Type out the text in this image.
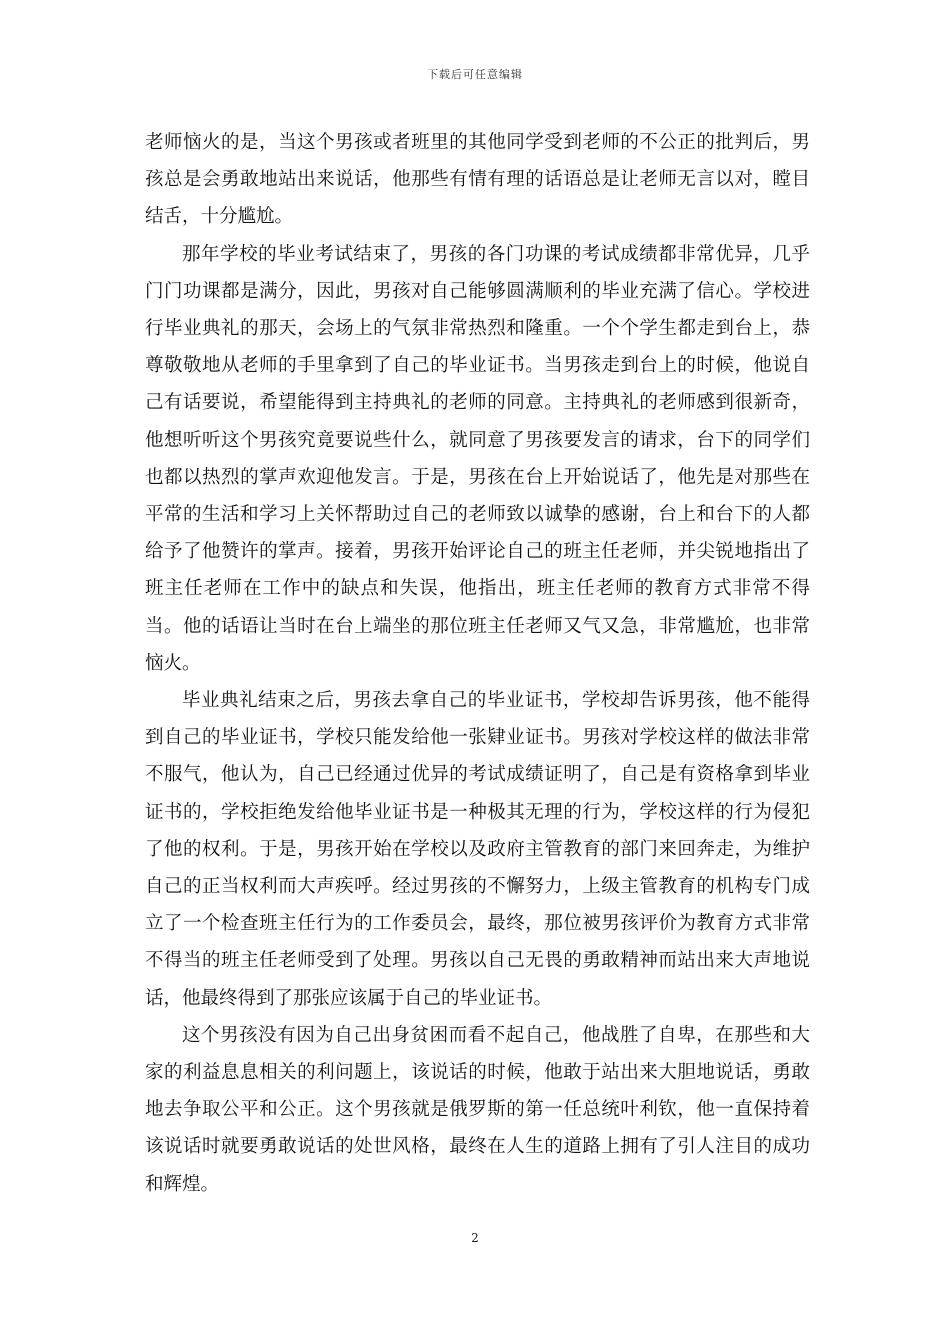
下载后可任意编辑

老师恼火的是，当这个男孩或者班里的其他同学受到老师的不公正的批判后，男孩总是会勇敢地站出来说话，他那些有情有理的话语总是让老师无言以对，瞠目结舌，十分尴尬。

那年学校的毕业考试结束了，男孩的各门功课的考试成绩都非常优异，几乎门门功课都是满分，因此，男孩对自己能够圆满顺利的毕业充满了信心。学校进行毕业典礼的那天，会场上的气氛非常热烈和隆重。一个个学生都走到台上，恭尊敬敬地从老师的手里拿到了自己的毕业证书。当男孩走到台上的时候，他说自己有话要说，希望能得到主持典礼的老师的同意。主持典礼的老师感到很新奇，他想听听这个男孩究竟要说些什么，就同意了男孩要发言的请求，台下的同学们也都以热烈的掌声欢迎他发言。于是，男孩在台上开始说话了，他先是对那些在平常的生活和学习上关怀帮助过自己的老师致以诚挚的感谢，台上和台下的人都给予了他赞许的掌声。接着，男孩开始评论自己的班主任老师，并尖锐地指出了班主任老师在工作中的缺点和失误，他指出，班主任老师的教育方式非常不得当。他的话语让当时在台上端坐的那位班主任老师又气又急，非常尴尬，也非常恼火。

毕业典礼结束之后，男孩去拿自己的毕业证书，学校却告诉男孩，他不能得到自己的毕业证书，学校只能发给他一张肄业证书。男孩对学校这样的做法非常不服气，他认为，自己已经通过优异的考试成绩证明了，自己是有资格拿到毕业证书的，学校拒绝发给他毕业证书是一种极其无理的行为，学校这样的行为侵犯了他的权利。于是，男孩开始在学校以及政府主管教育的部门来回奔走，为维护自己的正当权利而大声疾呼。经过男孩的不懈努力，上级主管教育的机构专门成立了一个检查班主任行为的工作委员会，最终，那位被男孩评价为教育方式非常不得当的班主任老师受到了处理。男孩以自己无畏的勇敢精神而站出来大声地说话，他最终得到了那张应该属于自己的毕业证书。

这个男孩没有因为自己出身贫困而看不起自己，他战胜了自卑，在那些和大家的利益息息相关的利问题上，该说话的时候，他敢于站出来大胆地说话，勇敢地去争取公平和公正。这个男孩就是俄罗斯的第一任总统叶利钦，他一直保持着该说话时就要勇敢说话的处世风格，最终在人生的道路上拥有了引人注目的成功和辉煌。

2
